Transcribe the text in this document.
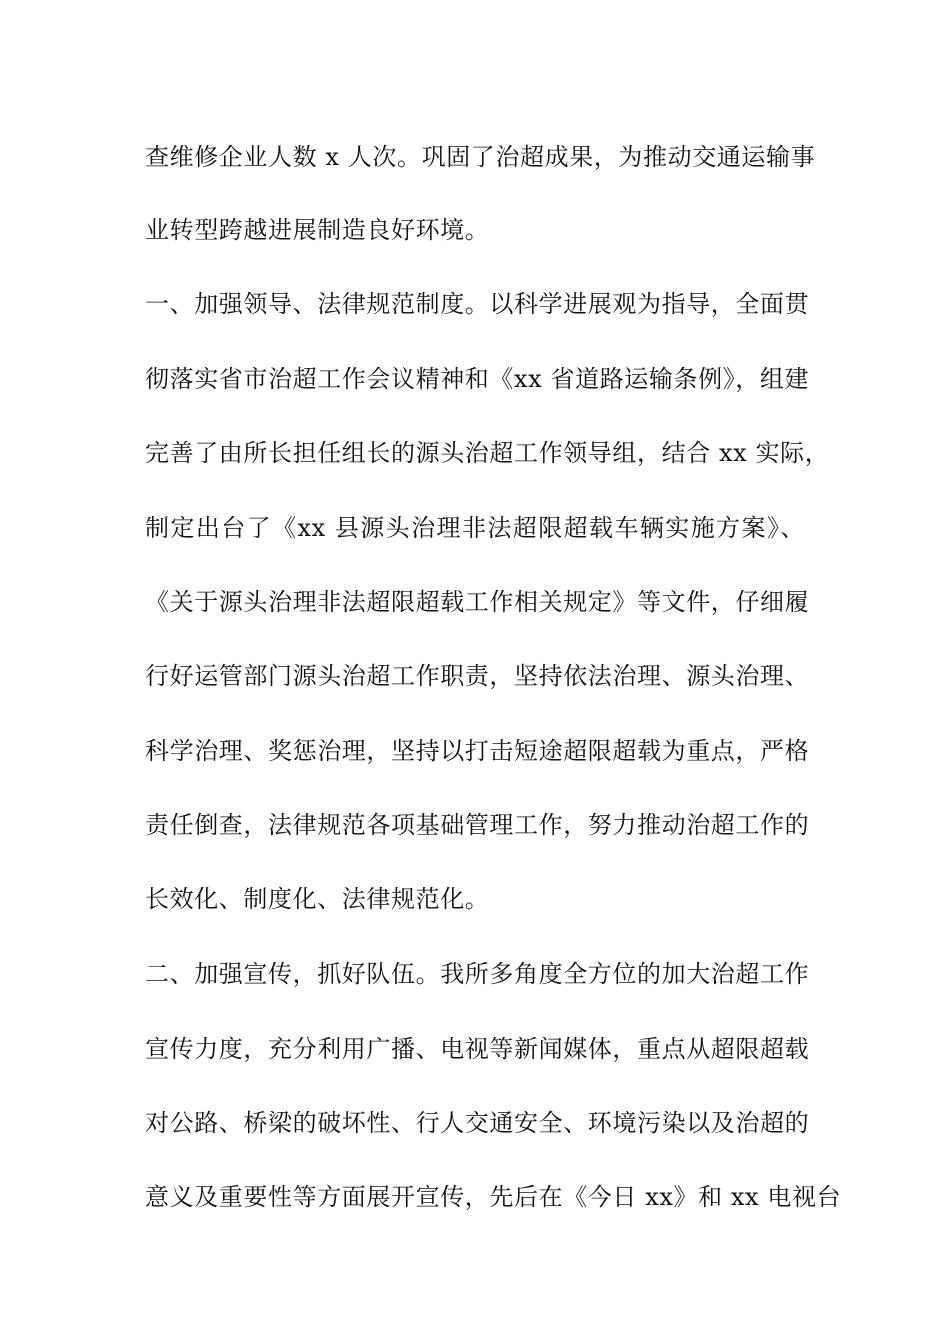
查维修企业人数 x 人次。巩固了治超成果，为推动交通运输事
业转型跨越进展制造良好环境。
一、加强领导、法律规范制度。以科学进展观为指导，全面贯
彻落实省市治超工作会议精神和《xx 省道路运输条例》，组建
完善了由所长担任组长的源头治超工作领导组，结合 xx 实际，
制定出台了《xx 县源头治理非法超限超载车辆实施方案》、
《关于源头治理非法超限超载工作相关规定》等文件，仔细履
行好运管部门源头治超工作职责，坚持依法治理、源头治理、
科学治理、奖惩治理，坚持以打击短途超限超载为重点，严格
责任倒查，法律规范各项基础管理工作，努力推动治超工作的
长效化、制度化、法律规范化。
二、加强宣传，抓好队伍。我所多角度全方位的加大治超工作
宣传力度，充分利用广播、电视等新闻媒体，重点从超限超载
对公路、桥梁的破坏性、行人交通安全、环境污染以及治超的
意义及重要性等方面展开宣传，先后在《今日 xx》和 xx 电视台
